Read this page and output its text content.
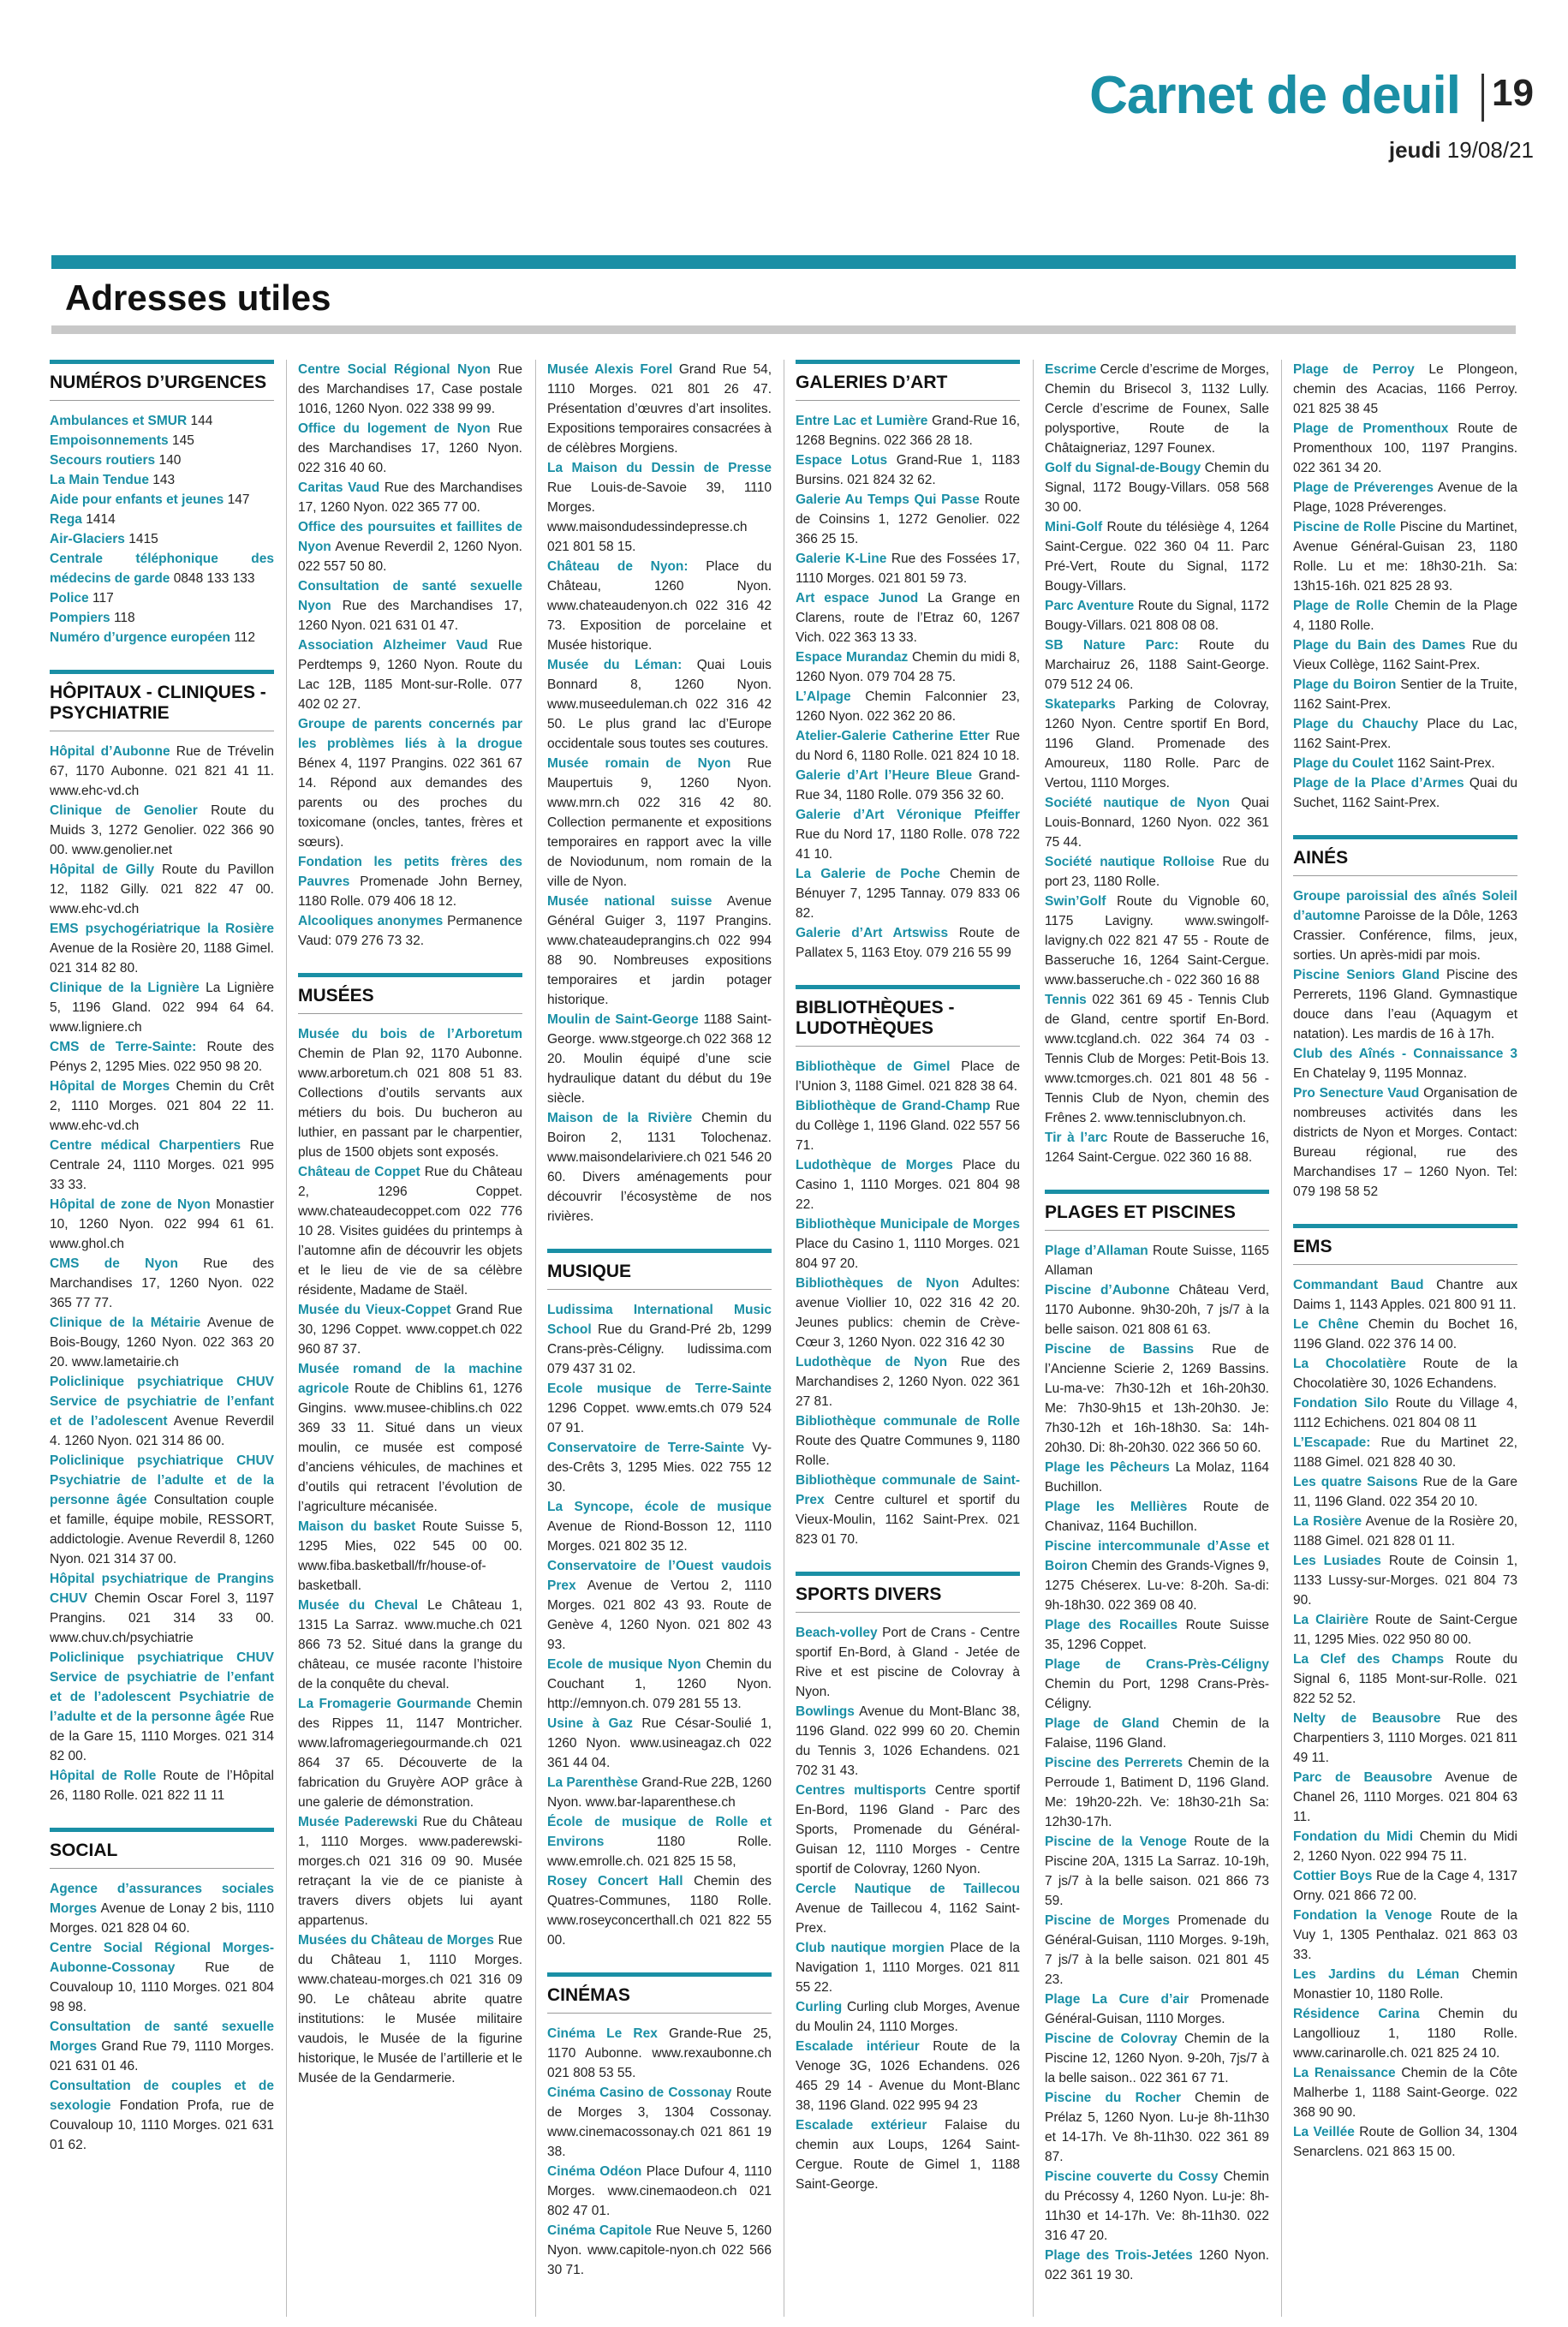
Carnet de deuil 19
jeudi 19/08/21
Adresses utiles
NUMÉROS D’URGENCES
Ambulances et SMUR 144
Empoisonnements 145
Secours routiers 140
La Main Tendue 143
Aide pour enfants et jeunes 147
Rega 1414
Air-Glaciers 1415
Centrale téléphonique des médecins de garde 0848 133 133
Police 117
Pompiers 118
Numéro d’urgence européen 112
HÔPITAUX - CLINIQUES - PSYCHIATRIE
Hôpital d’Aubonne Rue de Trévelin 67, 1170 Aubonne. 021 821 41 11. www.ehc-vd.ch
Clinique de Genolier Route du Muids 3, 1272 Genolier. 022 366 90 00. www.genolier.net
Hôpital de Gilly Route du Pavillon 12, 1182 Gilly. 021 822 47 00. www.ehc-vd.ch
EMS psychogériatrique la Rosière Avenue de la Rosière 20, 1188 Gimel. 021 314 82 80.
Clinique de la Lignière La Lignière 5, 1196 Gland. 022 994 64 64. www.ligniere.ch
CMS de Terre-Sainte: Route des Pénys 2, 1295 Mies. 022 950 98 20.
Hôpital de Morges Chemin du Crêt 2, 1110 Morges. 021 804 22 11. www.ehc-vd.ch
Centre médical Charpentiers Rue Centrale 24, 1110 Morges. 021 995 33 33.
Hôpital de zone de Nyon Monastier 10, 1260 Nyon. 022 994 61 61. www.ghol.ch
CMS de Nyon Rue des Marchandises 17, 1260 Nyon. 022 365 77 77.
Clinique de la Métairie Avenue de Bois-Bougy, 1260 Nyon. 022 363 20 20. www.lametairie.ch
Policlinique psychiatrique CHUV Service de psychiatrie de l’enfant et de l’adolescent Avenue Reverdil 4. 1260 Nyon. 021 314 86 00.
Policlinique psychiatrique CHUV Psychiatrie de l’adulte et de la personne âgée Consultation couple et famille, équipe mobile, RESSORT, addictologie. Avenue Reverdil 8, 1260 Nyon. 021 314 37 00.
Hôpital psychiatrique de Prangins CHUV Chemin Oscar Forel 3, 1197 Prangins. 021 314 33 00. www.chuv.ch/psychiatrie
Policlinique psychiatrique CHUV Service de psychiatrie de l’enfant et de l’adolescent Psychiatrie de l’adulte et de la personne âgée Rue de la Gare 15, 1110 Morges. 021 314 82 00.
Hôpital de Rolle Route de l’Hôpital 26, 1180 Rolle. 021 822 11 11
SOCIAL
Agence d’assurances sociales Morges Avenue de Lonay 2 bis, 1110 Morges. 021 828 04 60.
Centre Social Régional Morges-Aubonne-Cossonay Rue de Couvaloup 10, 1110 Morges. 021 804 98 98.
Consultation de santé sexuelle Morges Grand Rue 79, 1110 Morges. 021 631 01 46.
Consultation de couples et de sexologie Fondation Profa, rue de Couvaloup 10, 1110 Morges. 021 631 01 62.
Centre Social Régional Nyon Rue des Marchandises 17, Case postale 1016, 1260 Nyon. 022 338 99 99.
Office du logement de Nyon Rue des Marchandises 17, 1260 Nyon. 022 316 40 60.
Caritas Vaud Rue des Marchandises 17, 1260 Nyon. 022 365 77 00.
Office des poursuites et faillites de Nyon Avenue Reverdil 2, 1260 Nyon. 022 557 50 80.
Consultation de santé sexuelle Nyon Rue des Marchandises 17, 1260 Nyon. 021 631 01 47.
Association Alzheimer Vaud Rue Perdtemps 9, 1260 Nyon. Route du Lac 12B, 1185 Mont-sur-Rolle. 077 402 02 27.
Groupe de parents concernés par les problèmes liés à la drogue Bénex 4, 1197 Prangins. 022 361 67 14. Répond aux demandes des parents ou des proches du toxicomane (oncles, tantes, frères et sœurs).
Fondation les petits frères des Pauvres Promenade John Berney, 1180 Rolle. 079 406 18 12.
Alcooliques anonymes Permanence Vaud: 079 276 73 32.
MUSÉES
Musée du bois de l’Arboretum Chemin de Plan 92, 1170 Aubonne. www.arboretum.ch 021 808 51 83. Collections d’outils servants aux métiers du bois. Du bucheron au luthier, en passant par le charpentier, plus de 1500 objets sont exposés.
Château de Coppet Rue du Château 2, 1296 Coppet. www.chateaudecoppet.com 022 776 10 28. Visites guidées du printemps à l’automne afin de découvrir les objets et le lieu de vie de sa célèbre résidente, Madame de Staël.
Musée du Vieux-Coppet Grand Rue 30, 1296 Coppet. www.coppet.ch 022 960 87 37.
Musée romand de la machine agricole Route de Chiblins 61, 1276 Gingins. www.musee-chiblins.ch 022 369 33 11. Situé dans un vieux moulin, ce musée est composé d’anciens véhicules, de machines et d’outils qui retracent l’évolution de l’agriculture mécanisée.
Maison du basket Route Suisse 5, 1295 Mies, 022 545 00 00. www.fiba.basketball/fr/house-of-basketball.
Musée du Cheval Le Château 1, 1315 La Sarraz. www.muche.ch 021 866 73 52. Situé dans la grange du château, ce musée raconte l’histoire de la conquête du cheval.
La Fromagerie Gourmande Chemin des Rippes 11, 1147 Montricher. www.lafromageriegourmande.ch 021 864 37 65. Découverte de la fabrication du Gruyère AOP grâce à une galerie de démonstration.
Musée Paderewski Rue du Château 1, 1110 Morges. www.paderewski-morges.ch 021 316 09 90. Musée retraçant la vie de ce pianiste à travers divers objets lui ayant appartenus.
Musées du Château de Morges Rue du Château 1, 1110 Morges. www.chateau-morges.ch 021 316 09 90. Le château abrite quatre institutions: le Musée militaire vaudois, le Musée de la figurine historique, le Musée de l’artillerie et le Musée de la Gendarmerie.
Musée Alexis Forel Grand Rue 54, 1110 Morges. 021 801 26 47. Présentation d’œuvres d’art insolites. Expositions temporaires consacrées à de célèbres Morgiens.
La Maison du Dessin de Presse Rue Louis-de-Savoie 39, 1110 Morges. www.maisondudessindepresse.ch 021 801 58 15.
Château de Nyon: Place du Château, 1260 Nyon. www.chateaudenyon.ch 022 316 42 73. Exposition de porcelaine et Musée historique.
Musée du Léman: Quai Louis Bonnard 8, 1260 Nyon. www.museeduleman.ch 022 316 42 50. Le plus grand lac d’Europe occidentale sous toutes ses coutures.
Musée romain de Nyon Rue Maupertuis 9, 1260 Nyon. www.mrn.ch 022 316 42 80. Collection permanente et expositions temporaires en rapport avec la ville de Noviodunum, nom romain de la ville de Nyon.
Musée national suisse Avenue Général Guiger 3, 1197 Prangins. www.chateaudeprangins.ch 022 994 88 90. Nombreuses expositions temporaires et jardin potager historique.
Moulin de Saint-George 1188 Saint-George. www.stgeorge.ch 022 368 12 20. Moulin équipé d’une scie hydraulique datant du début du 19e siècle.
Maison de la Rivière Chemin du Boiron 2, 1131 Tolochenaz. www.maisondelariviere.ch 021 546 20 60. Divers aménagements pour découvrir l’écosystème de nos rivières.
MUSIQUE
Ludissima International Music School Rue du Grand-Pré 2b, 1299 Crans-près-Céligny. ludissima.com 079 437 31 02.
Ecole musique de Terre-Sainte 1296 Coppet. www.emts.ch 079 524 07 91.
Conservatoire de Terre-Sainte Vy-des-Crêts 3, 1295 Mies. 022 755 12 30.
La Syncope, école de musique Avenue de Riond-Bosson 12, 1110 Morges. 021 802 35 12.
Conservatoire de l’Ouest vaudois Prex Avenue de Vertou 2, 1110 Morges. 021 802 43 93. Route de Genève 4, 1260 Nyon. 021 802 43 93.
Ecole de musique Nyon Chemin du Couchant 1, 1260 Nyon. http://emnyon.ch. 079 281 55 13.
Usine à Gaz Rue César-Soulié 1, 1260 Nyon. www.usineagaz.ch 022 361 44 04.
La Parenthèse Grand-Rue 22B, 1260 Nyon. www.bar-laparenthese.ch
École de musique de Rolle et Environs	1180 Rolle. www.emrolle.ch. 021 825 15 58,
Rosey Concert Hall Chemin des Quatres-Communes, 1180 Rolle. www.roseyconcerthall.ch 021 822 55 00.
CINÉMAS
Cinéma Le Rex Grande-Rue 25, 1170 Aubonne. www.rexaubonne.ch 021 808 53 55.
Cinéma Casino de Cossonay Route de Morges 3, 1304 Cossonay. www.cinemacossonay.ch 021 861 19 38.
Cinéma Odéon Place Dufour 4, 1110 Morges. www.cinemaodeon.ch 021 802 47 01.
Cinéma Capitole Rue Neuve 5, 1260 Nyon. www.capitole-nyon.ch 022 566 30 71.
GALERIES D’ART
Entre Lac et Lumière Grand-Rue 16, 1268 Begnins. 022 366 28 18.
Espace Lotus Grand-Rue 1, 1183 Bursins. 021 824 32 62.
Galerie Au Temps Qui Passe Route de Coinsins 1, 1272 Genolier. 022 366 25 15.
Galerie K-Line Rue des Fossées 17, 1110 Morges. 021 801 59 73.
Art espace Junod La Grange en Clarens, route de l’Etraz 60, 1267 Vich. 022 363 13 33.
Espace Murandaz Chemin du midi 8, 1260 Nyon. 079 704 28 75.
L’Alpage Chemin Falconnier 23, 1260 Nyon. 022 362 20 86.
Atelier-Galerie Catherine Etter Rue du Nord 6, 1180 Rolle. 021 824 10 18.
Galerie d’Art l’Heure Bleue Grand-Rue 34, 1180 Rolle. 079 356 32 60.
Galerie d’Art Véronique Pfeiffer Rue du Nord 17, 1180 Rolle. 078 722 41 10.
La Galerie de Poche Chemin de Bénuyer 7, 1295 Tannay. 079 833 06 82.
Galerie d’Art Artswiss Route de Pallatex 5, 1163 Etoy. 079 216 55 99
BIBLIOTHÈQUES - LUDOTHÈQUES
Bibliothèque de Gimel Place de l’Union 3, 1188 Gimel. 021 828 38 64.
Bibliothèque de Grand-Champ Rue du Collège 1, 1196 Gland. 022 557 56 71.
Ludothèque de Morges Place du Casino 1, 1110 Morges. 021 804 98 22.
Bibliothèque Municipale de Morges Place du Casino 1, 1110 Morges. 021 804 97 20.
Bibliothèques de Nyon Adultes: avenue Viollier 10, 022 316 42 20. Jeunes publics: chemin de Crève-Cœur 3, 1260 Nyon. 022 316 42 30
Ludothèque de Nyon Rue des Marchandises 2, 1260 Nyon. 022 361 27 81.
Bibliothèque communale de Rolle Route des Quatre Communes 9, 1180 Rolle.
Bibliothèque communale de Saint-Prex Centre culturel et sportif du Vieux-Moulin, 1162 Saint-Prex. 021 823 01 70.
SPORTS DIVERS
Beach-volley Port de Crans - Centre sportif En-Bord, à Gland - Jetée de Rive et est piscine de Colovray à Nyon.
Bowlings Avenue du Mont-Blanc 38, 1196 Gland. 022 999 60 20. Chemin du Tennis 3, 1026 Echandens. 021 702 31 43.
Centres multisports Centre sportif En-Bord, 1196 Gland - Parc des Sports, Promenade du Général-Guisan 12, 1110 Morges - Centre sportif de Colovray, 1260 Nyon.
Cercle Nautique de Taillecou Avenue de Taillecou 4, 1162 Saint-Prex.
Club nautique morgien Place de la Navigation 1, 1110 Morges. 021 811 55 22.
Curling Curling club Morges, Avenue du Moulin 24, 1110 Morges.
Escalade intérieur Route de la Venoge 3G, 1026 Echandens. 026 465 29 14 - Avenue du Mont-Blanc 38, 1196 Gland. 022 995 94 23
Escalade extérieur Falaise du chemin aux Loups, 1264 Saint-Cergue. Route de Gimel 1, 1188 Saint-George.
Escrime Cercle d’escrime de Morges, Chemin du Brisecol 3, 1132 Lully. Cercle d’escrime de Founex, Salle polysportive, Route de la Châtaigneriaz, 1297 Founex.
Golf du Signal-de-Bougy Chemin du Signal, 1172 Bougy-Villars. 058 568 30 00.
Mini-Golf Route du télésiège 4, 1264 Saint-Cergue. 022 360 04 11. Parc Pré-Vert, Route du Signal, 1172 Bougy-Villars.
Parc Aventure Route du Signal, 1172 Bougy-Villars. 021 808 08 08.
SB Nature Parc: Route du Marchairuz 26, 1188 Saint-George. 079 512 24 06.
Skateparks Parking de Colovray, 1260 Nyon. Centre sportif En Bord, 1196 Gland. Promenade des Amoureux, 1180 Rolle. Parc de Vertou, 1110 Morges.
Société nautique de Nyon Quai Louis-Bonnard, 1260 Nyon. 022 361 75 44.
Société nautique Rolloise Rue du port 23, 1180 Rolle.
Swin’Golf Route du Vignoble 60, 1175 Lavigny. www.swingolf-lavigny.ch 022 821 47 55 - Route de Basseruche 16, 1264 Saint-Cergue. www.basseruche.ch - 022 360 16 88
Tennis 022 361 69 45 - Tennis Club de Gland, centre sportif En-Bord. www.tcgland.ch. 022 364 74 03 - Tennis Club de Morges: Petit-Bois 13. www.tcmorges.ch. 021 801 48 56 - Tennis Club de Nyon, chemin des Frênes 2. www.tennisclubnyon.ch.
Tir à l’arc Route de Basseruche 16, 1264 Saint-Cergue. 022 360 16 88.
PLAGES ET PISCINES
Plage d’Allaman Route Suisse, 1165 Allaman
Piscine d’Aubonne Château Verd, 1170 Aubonne. 9h30-20h, 7 js/7 à la belle saison. 021 808 61 63.
Piscine de Bassins Rue de l’Ancienne Scierie 2, 1269 Bassins. Lu-ma-ve: 7h30-12h et 16h-20h30. Me: 7h30-9h15 et 13h-20h30. Je: 7h30-12h et 16h-18h30. Sa: 14h-20h30. Di: 8h-20h30. 022 366 50 60.
Plage les Pêcheurs La Molaz, 1164 Buchillon.
Plage les Mellières Route de Chanivaz, 1164 Buchillon.
Piscine intercommunale d’Asse et Boiron Chemin des Grands-Vignes 9, 1275 Chéserex. Lu-ve: 8-20h. Sa-di: 9h-18h30. 022 369 08 40.
Plage des Rocailles Route Suisse 35, 1296 Coppet.
Plage de Crans-Près-Céligny Chemin du Port, 1298 Crans-Près-Céligny.
Plage de Gland Chemin de la Falaise, 1196 Gland.
Piscine des Perrerets Chemin de la Perroude 1, Batiment D, 1196 Gland. Me: 19h20-22h. Ve: 18h30-21h Sa: 12h30-17h.
Piscine de la Venoge Route de la Piscine 20A, 1315 La Sarraz. 10-19h, 7 js/7 à la belle saison. 021 866 73 59.
Piscine de Morges Promenade du Général-Guisan, 1110 Morges. 9-19h, 7 js/7 à la belle saison. 021 801 45 23.
Plage La Cure d’air Promenade Général-Guisan, 1110 Morges.
Piscine de Colovray Chemin de la Piscine 12, 1260 Nyon. 9-20h, 7js/7 à la belle saison.. 022 361 67 71.
Piscine du Rocher Chemin de Prélaz 5, 1260 Nyon. Lu-je 8h-11h30 et 14-17h. Ve 8h-11h30. 022 361 89 87.
Piscine couverte du Cossy Chemin du Précossy 4, 1260 Nyon. Lu-je: 8h-11h30 et 14-17h. Ve: 8h-11h30. 022 316 47 20.
Plage des Trois-Jetées 1260 Nyon. 022 361 19 30.
Plage de Perroy Le Plongeon, chemin des Acacias, 1166 Perroy. 021 825 38 45
Plage de Promenthoux Route de Promenthoux 100, 1197 Prangins. 022 361 34 20.
Plage de Préverenges Avenue de la Plage, 1028 Préverenges.
Piscine de Rolle Piscine du Martinet, Avenue Général-Guisan 23, 1180 Rolle. Lu et me: 18h30-21h. Sa: 13h15-16h. 021 825 28 93.
Plage de Rolle Chemin de la Plage 4, 1180 Rolle.
Plage du Bain des Dames Rue du Vieux Collège, 1162 Saint-Prex.
Plage du Boiron Sentier de la Truite, 1162 Saint-Prex.
Plage du Chauchy Place du Lac, 1162 Saint-Prex.
Plage du Coulet 1162 Saint-Prex.
Plage de la Place d’Armes Quai du Suchet, 1162 Saint-Prex.
AINÉS
Groupe paroissial des aînés Soleil d’automne Paroisse de la Dôle, 1263 Crassier. Conférence, films, jeux, sorties. Un après-midi par mois.
Piscine Seniors Gland Piscine des Perrerets, 1196 Gland. Gymnastique douce dans l’eau (Aquagym et natation). Les mardis de 16 à 17h.
Club des Aînés - Connaissance 3 En Chatelay 9, 1195 Monnaz.
Pro Senecture Vaud Organisation de nombreuses activités dans les districts de Nyon et Morges. Contact: Bureau régional, rue des Marchandises 17 – 1260 Nyon. Tel: 079 198 58 52
EMS
Commandant Baud Chantre aux Daims 1, 1143 Apples. 021 800 91 11.
Le Chêne Chemin du Bochet 16, 1196 Gland. 022 376 14 00.
La Chocolatière Route de la Chocolatière 30, 1026 Echandens.
Fondation Silo Route du Village 4, 1112 Echichens. 021 804 08 11
L’Escapade: Rue du Martinet 22, 1188 Gimel. 021 828 40 30.
Les quatre Saisons Rue de la Gare 11, 1196 Gland. 022 354 20 10.
La Rosière Avenue de la Rosière 20, 1188 Gimel. 021 828 01 11.
Les Lusiades Route de Coinsin 1, 1133 Lussy-sur-Morges. 021 804 73 90.
La Clairière Route de Saint-Cergue 11, 1295 Mies. 022 950 80 00.
La Clef des Champs Route du Signal 6, 1185 Mont-sur-Rolle. 021 822 52 52.
Nelty de Beausobre Rue des Charpentiers 3, 1110 Morges. 021 811 49 11.
Parc de Beausobre Avenue de Chanel 26, 1110 Morges. 021 804 63 11.
Fondation du Midi Chemin du Midi 2, 1260 Nyon. 022 994 75 11.
Cottier Boys Rue de la Cage 4, 1317 Orny. 021 866 72 00.
Fondation la Venoge Route de la Vuy 1, 1305 Penthalaz. 021 863 03 33.
Les Jardins du Léman Chemin Monastier 10, 1180 Rolle.
Résidence Carina Chemin du Langolliouz 1, 1180 Rolle. www.carinarolle.ch. 021 825 24 10.
La Renaissance Chemin de la Côte Malherbe 1, 1188 Saint-George. 022 368 90 90.
La Veillée Route de Gollion 34, 1304 Senarclens. 021 863 15 00.
